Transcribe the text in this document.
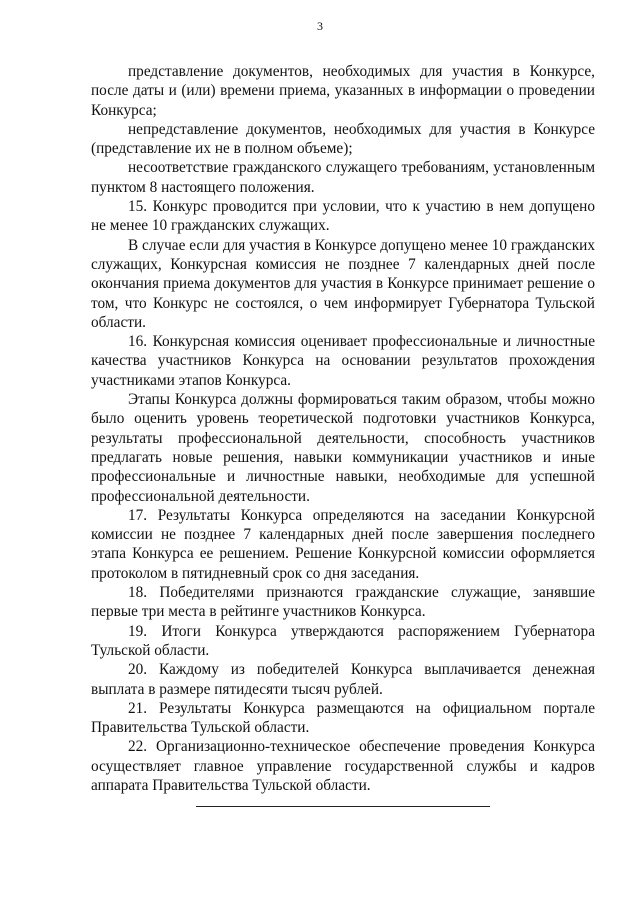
3

представление документов, необходимых для участия в Конкурсе, после даты и (или) времени приема, указанных в информации о проведении Конкурса;

непредставление документов, необходимых для участия в Конкурсе (представление их не в полном объеме);

несоответствие гражданского служащего требованиям, установленным пунктом 8 настоящего положения.

15. Конкурс проводится при условии, что к участию в нем допущено не менее 10 гражданских служащих.

В случае если для участия в Конкурсе допущено менее 10 гражданских служащих, Конкурсная комиссия не позднее 7 календарных дней после окончания приема документов для участия в Конкурсе принимает решение о том, что Конкурс не состоялся, о чем информирует Губернатора Тульской области.

16. Конкурсная комиссия оценивает профессиональные и личностные качества участников Конкурса на основании результатов прохождения участниками этапов Конкурса.

Этапы Конкурса должны формироваться таким образом, чтобы можно было оценить уровень теоретической подготовки участников Конкурса, результаты профессиональной деятельности, способность участников предлагать новые решения, навыки коммуникации участников и иные профессиональные и личностные навыки, необходимые для успешной профессиональной деятельности.

17. Результаты Конкурса определяются на заседании Конкурсной комиссии не позднее 7 календарных дней после завершения последнего этапа Конкурса ее решением. Решение Конкурсной комиссии оформляется протоколом в пятидневный срок со дня заседания.

18. Победителями признаются гражданские служащие, занявшие первые три места в рейтинге участников Конкурса.

19. Итоги Конкурса утверждаются распоряжением Губернатора Тульской области.

20. Каждому из победителей Конкурса выплачивается денежная выплата в размере пятидесяти тысяч рублей.

21. Результаты Конкурса размещаются на официальном портале Правительства Тульской области.

22. Организационно-техническое обеспечение проведения Конкурса осуществляет главное управление государственной службы и кадров аппарата Правительства Тульской области.
